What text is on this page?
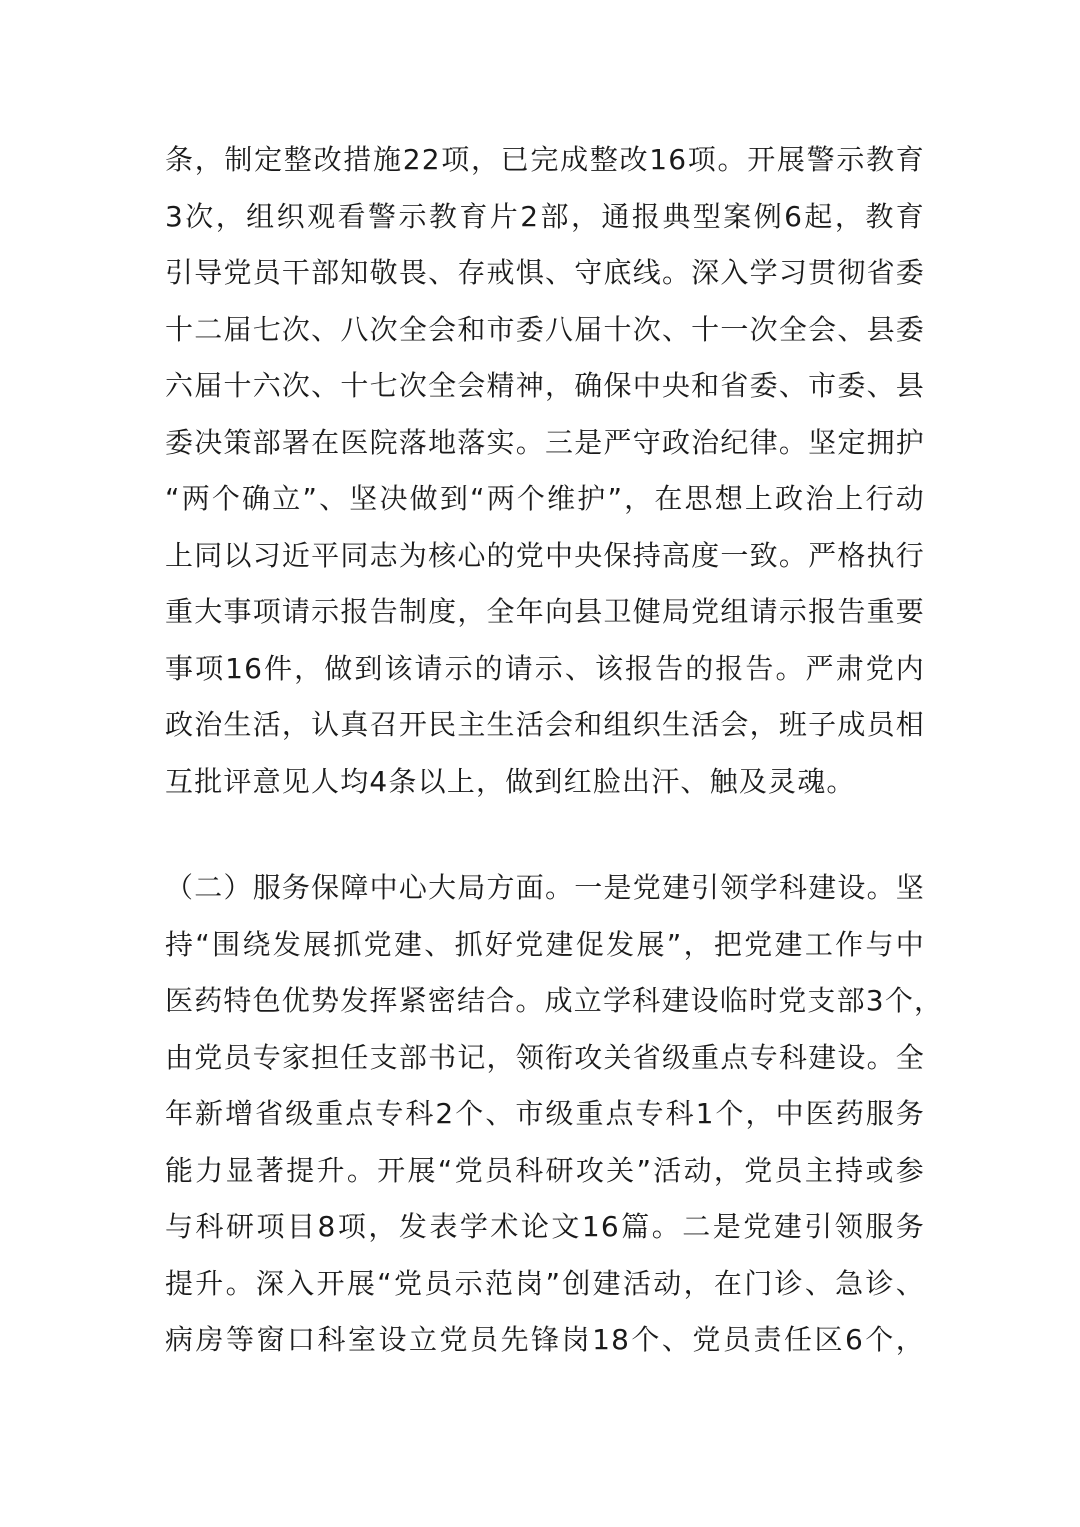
条，制定整改措施22项，已完成整改16项。开展警示教育
3次，组织观看警示教育片2部，通报典型案例6起，教育
引导党员干部知敬畏、存戒惧、守底线。深入学习贯彻省委
十二届七次、八次全会和市委八届十次、十一次全会、县委
六届十六次、十七次全会精神，确保中央和省委、市委、县
委决策部署在医院落地落实。三是严守政治纪律。坚定拥护
“两个确立”、坚决做到“两个维护”，在思想上政治上行动
上同以习近平同志为核心的党中央保持高度一致。严格执行
重大事项请示报告制度，全年向县卫健局党组请示报告重要
事项16件，做到该请示的请示、该报告的报告。严肃党内
政治生活，认真召开民主生活会和组织生活会，班子成员相
互批评意见人均4条以上，做到红脸出汗、触及灵魂。
（二）服务保障中心大局方面。一是党建引领学科建设。坚
持“围绕发展抓党建、抓好党建促发展”，把党建工作与中
医药特色优势发挥紧密结合。成立学科建设临时党支部3个，
由党员专家担任支部书记，领衔攻关省级重点专科建设。全
年新增省级重点专科2个、市级重点专科1个，中医药服务
能力显著提升。开展“党员科研攻关”活动，党员主持或参
与科研项目8项，发表学术论文16篇。二是党建引领服务
提升。深入开展“党员示范岗”创建活动，在门诊、急诊、
病房等窗口科室设立党员先锋岗18个、党员责任区6个，
